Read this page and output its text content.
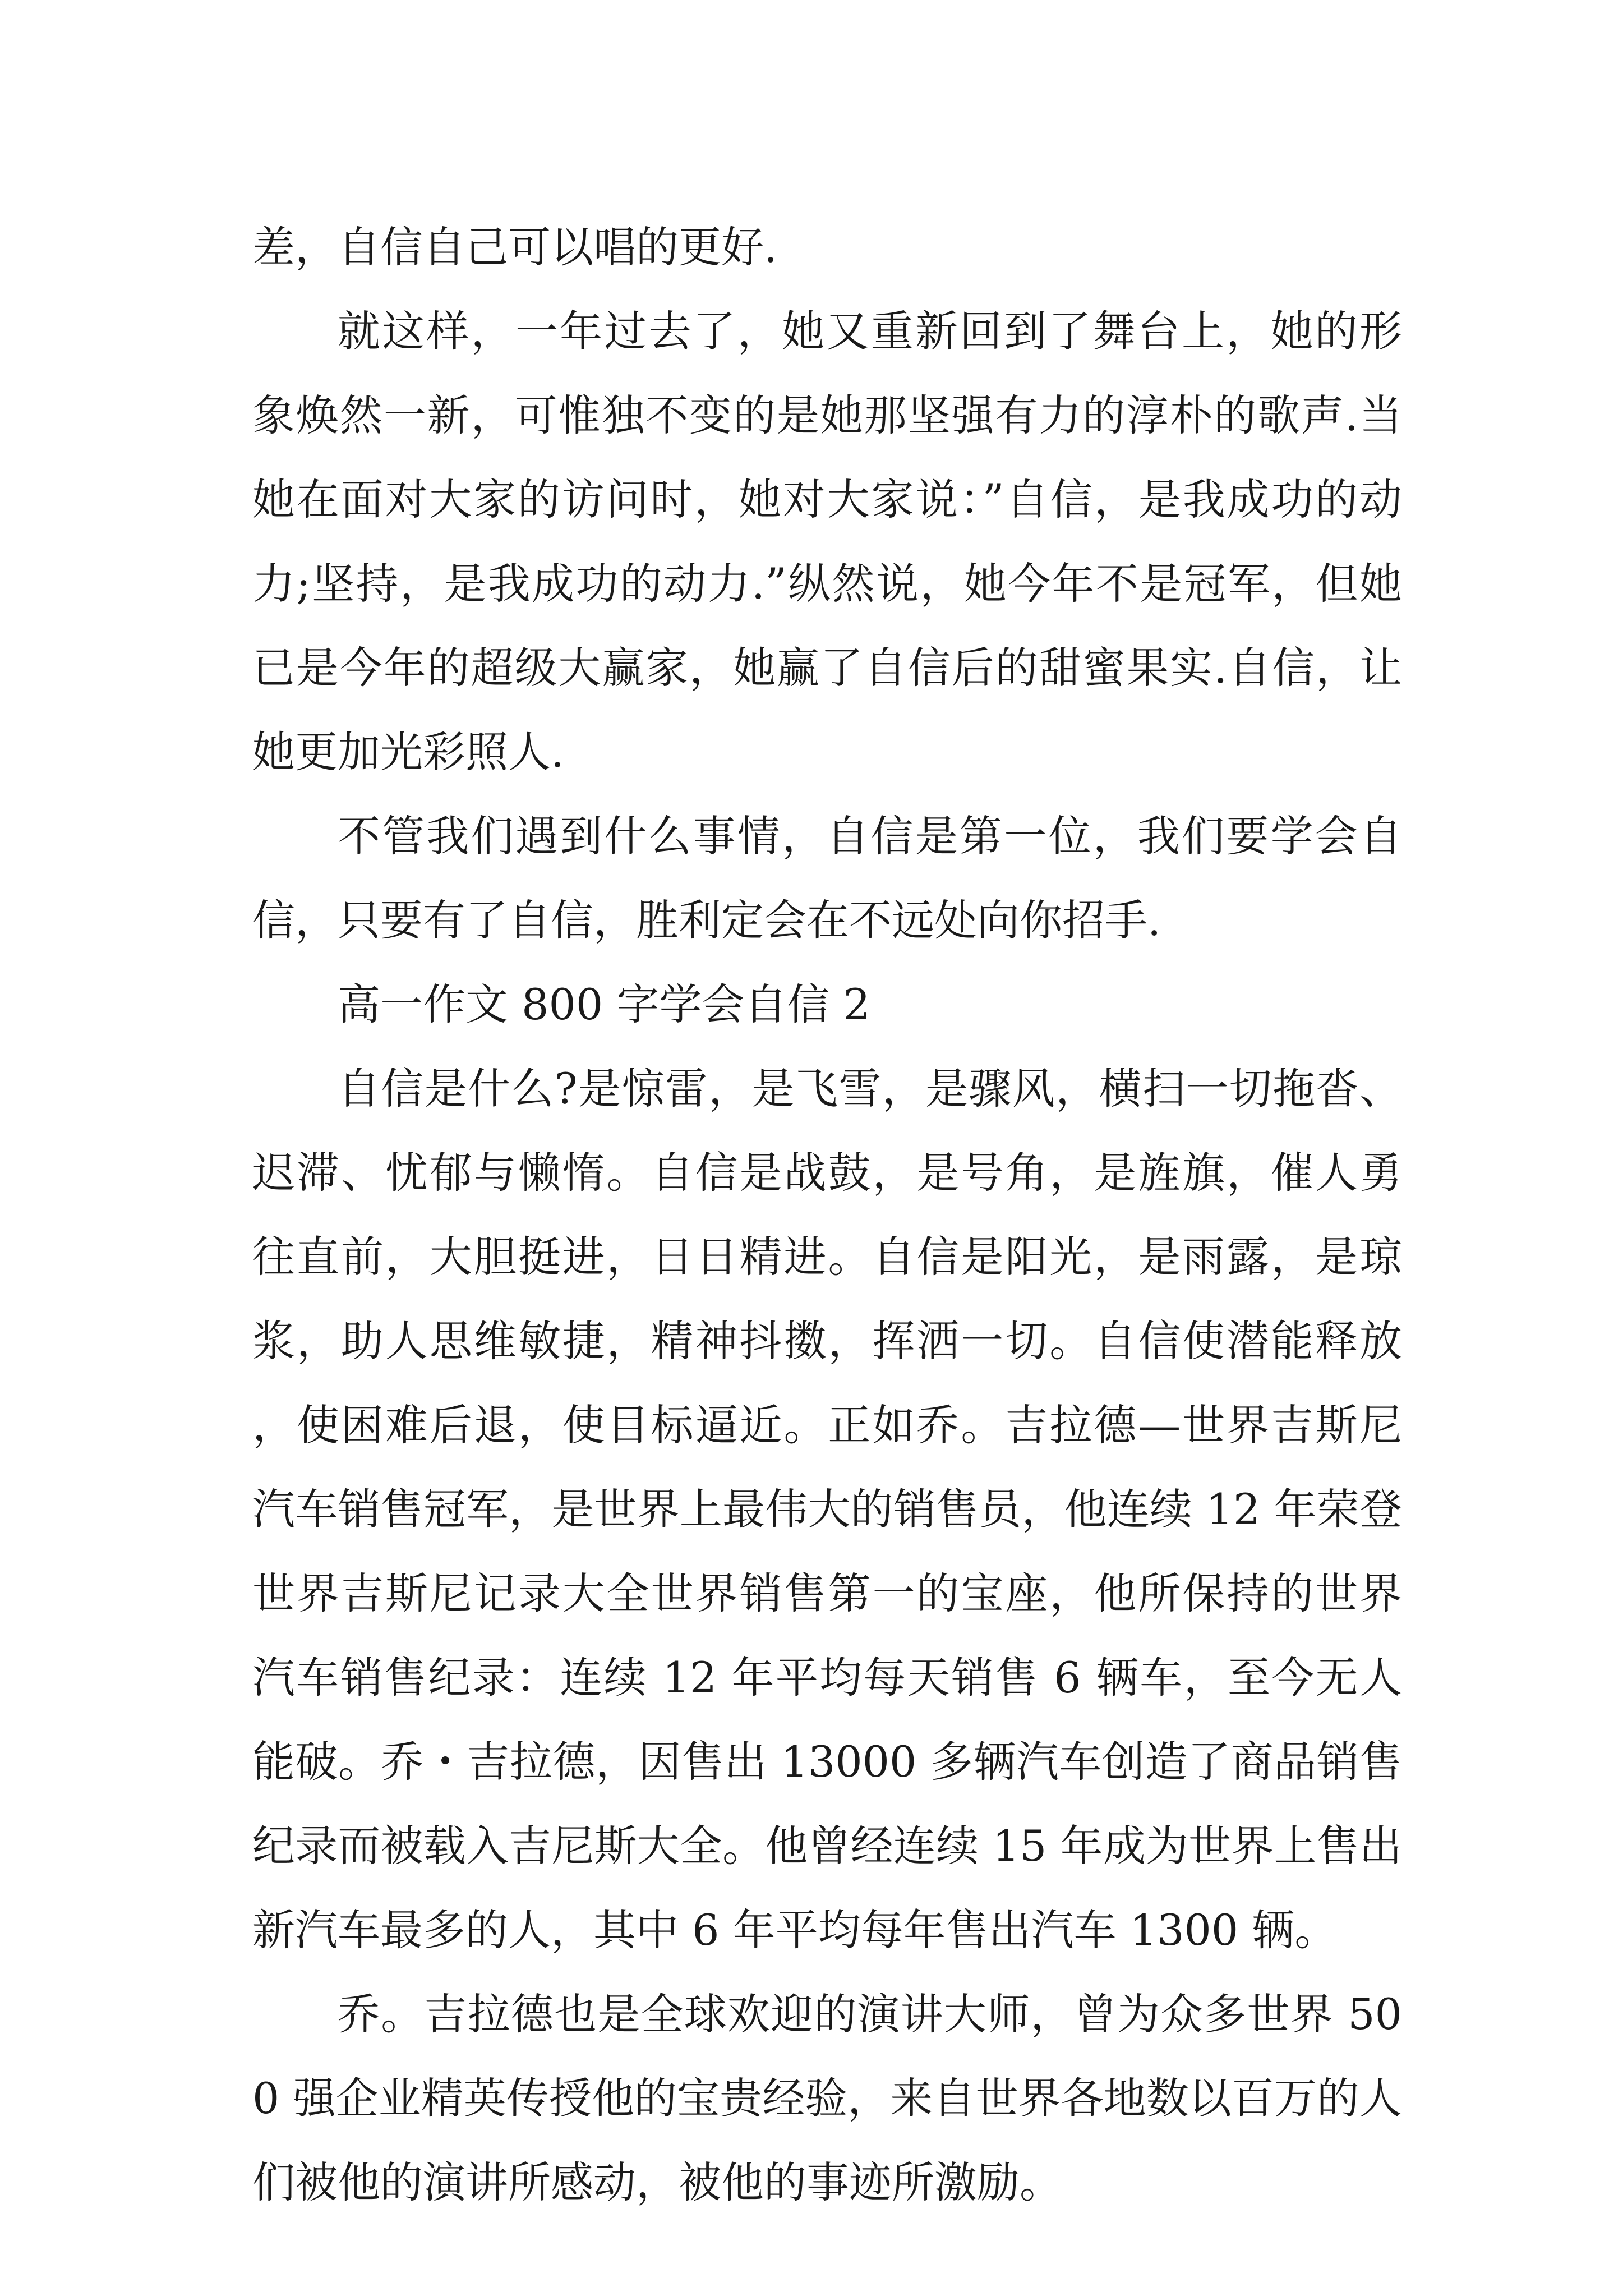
差，自信自己可以唱的更好.

就这样，一年过去了，她又重新回到了舞台上，她的形象焕然一新，可惟独不变的是她那坚强有力的淳朴的歌声.当她在面对大家的访问时，她对大家说：”自信，是我成功的动力;坚持，是我成功的动力.”纵然说，她今年不是冠军，但她已是今年的超级大赢家，她赢了自信后的甜蜜果实.自信，让她更加光彩照人.

不管我们遇到什么事情，自信是第一位，我们要学会自信，只要有了自信，胜利定会在不远处向你招手.

高一作文 800 字学会自信 2

自信是什么?是惊雷，是飞雪，是骤风，横扫一切拖沓、迟滞、忧郁与懒惰。自信是战鼓，是号角，是旌旗，催人勇往直前，大胆挺进，日日精进。自信是阳光，是雨露，是琼浆，助人思维敏捷，精神抖擞，挥洒一切。自信使潜能释放，使困难后退，使目标逼近。正如乔。吉拉德—世界吉斯尼汽车销售冠军，是世界上最伟大的销售员，他连续 12 年荣登世界吉斯尼记录大全世界销售第一的宝座，他所保持的世界汽车销售纪录：连续 12 年平均每天销售 6 辆车，至今无人能破。乔・吉拉德，因售出 13000 多辆汽车创造了商品销售纪录而被载入吉尼斯大全。他曾经连续 15 年成为世界上售出新汽车最多的人，其中 6 年平均每年售出汽车 1300 辆。

乔。吉拉德也是全球欢迎的演讲大师，曾为众多世界 500 强企业精英传授他的宝贵经验，来自世界各地数以百万的人们被他的演讲所感动，被他的事迹所激励。
